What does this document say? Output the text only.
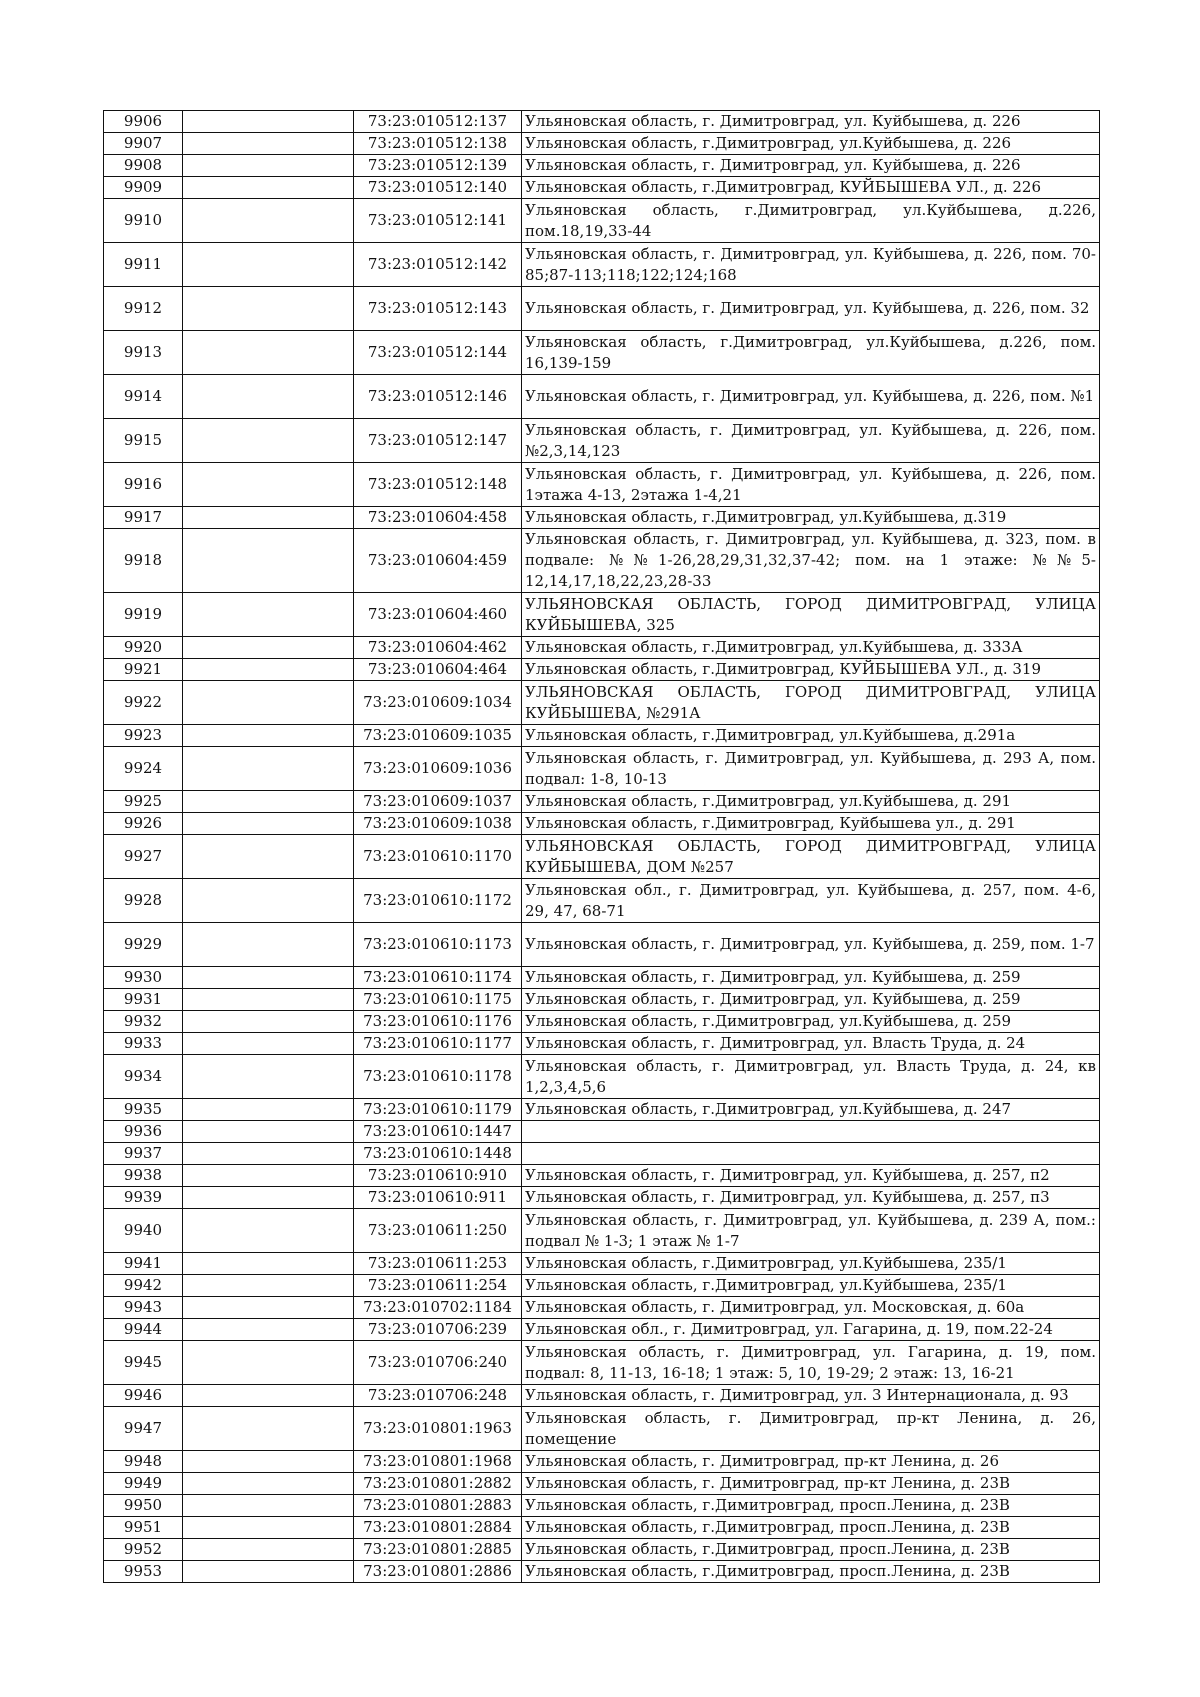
9906		73:23:010512:137	Ульяновская область, г. Димитровград, ул. Куйбышева, д. 226
9907		73:23:010512:138	Ульяновская область, г.Димитровград, ул.Куйбышева, д. 226
9908		73:23:010512:139	Ульяновская область, г. Димитровград, ул. Куйбышева, д. 226
9909		73:23:010512:140	Ульяновская область, г.Димитровград, КУЙБЫШЕВА УЛ., д. 226
9910		73:23:010512:141	Ульяновская область, г.Димитровград, ул.Куйбышева, д.226, пом.18,19,33-44
9911		73:23:010512:142	Ульяновская область, г. Димитровград, ул. Куйбышева, д. 226, пом. 70-85;87-113;118;122;124;168
9912		73:23:010512:143	Ульяновская область, г. Димитровград, ул. Куйбышева, д. 226, пом. 32
9913		73:23:010512:144	Ульяновская область, г.Димитровград, ул.Куйбышева, д.226, пом. 16,139-159
9914		73:23:010512:146	Ульяновская область, г. Димитровград, ул. Куйбышева, д. 226, пом. №1
9915		73:23:010512:147	Ульяновская область, г. Димитровград, ул. Куйбышева, д. 226, пом. №2,3,14,123
9916		73:23:010512:148	Ульяновская область, г. Димитровград, ул. Куйбышева, д. 226, пом. 1этажа 4-13, 2этажа 1-4,21
9917		73:23:010604:458	Ульяновская область, г.Димитровград, ул.Куйбышева, д.319
9918		73:23:010604:459	Ульяновская область, г. Димитровград, ул. Куйбышева, д. 323, пом. в подвале: №№1-26,28,29,31,32,37-42; пом. на 1 этаже: №№5-12,14,17,18,22,23,28-33
9919		73:23:010604:460	УЛЬЯНОВСКАЯ ОБЛАСТЬ, ГОРОД ДИМИТРОВГРАД, УЛИЦА КУЙБЫШЕВА, 325
9920		73:23:010604:462	Ульяновская область, г.Димитровград, ул.Куйбышева, д. 333А
9921		73:23:010604:464	Ульяновская область, г.Димитровград, КУЙБЫШЕВА УЛ., д. 319
9922		73:23:010609:1034	УЛЬЯНОВСКАЯ ОБЛАСТЬ, ГОРОД ДИМИТРОВГРАД, УЛИЦА КУЙБЫШЕВА, №291А
9923		73:23:010609:1035	Ульяновская область, г.Димитровград, ул.Куйбышева, д.291а
9924		73:23:010609:1036	Ульяновская область, г. Димитровград, ул. Куйбышева, д. 293 А, пом. подвал: 1-8, 10-13
9925		73:23:010609:1037	Ульяновская область, г.Димитровград, ул.Куйбышева, д. 291
9926		73:23:010609:1038	Ульяновская область, г.Димитровград, Куйбышева ул., д. 291
9927		73:23:010610:1170	УЛЬЯНОВСКАЯ ОБЛАСТЬ, ГОРОД ДИМИТРОВГРАД, УЛИЦА КУЙБЫШЕВА, ДОМ №257
9928		73:23:010610:1172	Ульяновская обл., г. Димитровград, ул. Куйбышева, д. 257, пом. 4-6, 29, 47, 68-71
9929		73:23:010610:1173	Ульяновская область, г. Димитровград, ул. Куйбышева, д. 259, пом. 1-7
9930		73:23:010610:1174	Ульяновская область, г. Димитровград, ул. Куйбышева, д. 259
9931		73:23:010610:1175	Ульяновская область, г. Димитровград, ул. Куйбышева, д. 259
9932		73:23:010610:1176	Ульяновская область, г.Димитровград, ул.Куйбышева, д. 259
9933		73:23:010610:1177	Ульяновская область, г. Димитровград, ул. Власть Труда, д. 24
9934		73:23:010610:1178	Ульяновская область, г. Димитровград, ул. Власть Труда, д. 24, кв 1,2,3,4,5,6
9935		73:23:010610:1179	Ульяновская область, г.Димитровград, ул.Куйбышева, д. 247
9936		73:23:010610:1447	
9937		73:23:010610:1448	
9938		73:23:010610:910	Ульяновская область, г. Димитровград, ул. Куйбышева, д. 257, п2
9939		73:23:010610:911	Ульяновская область, г. Димитровград, ул. Куйбышева, д. 257, п3
9940		73:23:010611:250	Ульяновская область, г. Димитровград, ул. Куйбышева, д. 239 А, пом.: подвал № 1-3; 1 этаж № 1-7
9941		73:23:010611:253	Ульяновская область, г.Димитровград, ул.Куйбышева, 235/1
9942		73:23:010611:254	Ульяновская область, г.Димитровград, ул.Куйбышева, 235/1
9943		73:23:010702:1184	Ульяновская область, г. Димитровград, ул. Московская, д. 60а
9944		73:23:010706:239	Ульяновская обл., г. Димитровград, ул. Гагарина, д. 19, пом.22-24
9945		73:23:010706:240	Ульяновская область, г. Димитровград, ул. Гагарина, д. 19, пом. подвал: 8, 11-13, 16-18; 1 этаж: 5, 10, 19-29; 2 этаж: 13, 16-21
9946		73:23:010706:248	Ульяновская область, г. Димитровград, ул. 3 Интернационала, д. 93
9947		73:23:010801:1963	Ульяновская область, г. Димитровград, пр-кт Ленина, д. 26, помещение
9948		73:23:010801:1968	Ульяновская область, г. Димитровград, пр-кт Ленина, д. 26
9949		73:23:010801:2882	Ульяновская область, г. Димитровград, пр-кт Ленина, д. 23В
9950		73:23:010801:2883	Ульяновская область, г.Димитровград, просп.Ленина, д. 23В
9951		73:23:010801:2884	Ульяновская область, г.Димитровград, просп.Ленина, д. 23В
9952		73:23:010801:2885	Ульяновская область, г.Димитровград, просп.Ленина, д. 23В
9953		73:23:010801:2886	Ульяновская область, г.Димитровград, просп.Ленина, д. 23В
